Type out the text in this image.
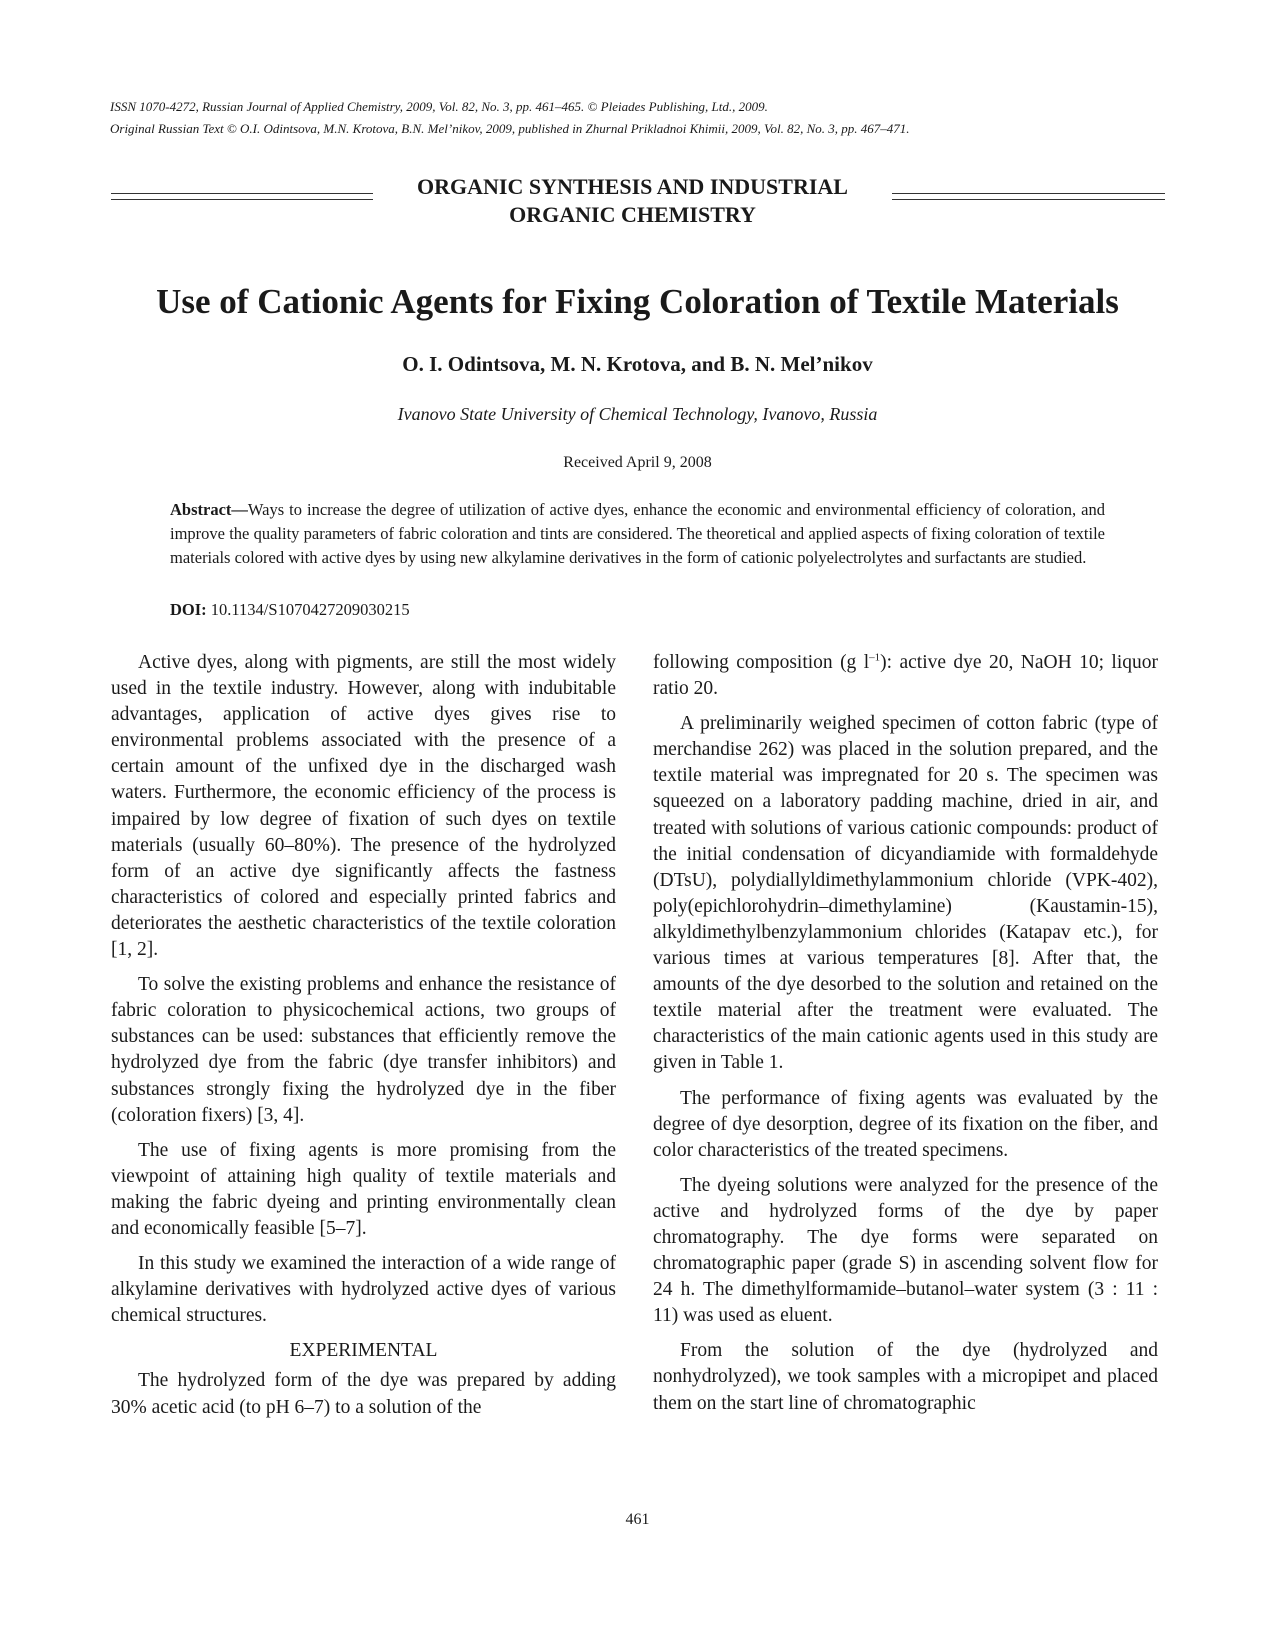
ISSN 1070-4272, Russian Journal of Applied Chemistry, 2009, Vol. 82, No. 3, pp. 461–465. © Pleiades Publishing, Ltd., 2009.
Original Russian Text © O.I. Odintsova, M.N. Krotova, B.N. Mel’nikov, 2009, published in Zhurnal Prikladnoi Khimii, 2009, Vol. 82, No. 3, pp. 467–471.
ORGANIC SYNTHESIS AND INDUSTRIAL
ORGANIC CHEMISTRY
Use of Cationic Agents for Fixing Coloration of Textile Materials
O. I. Odintsova, M. N. Krotova, and B. N. Mel’nikov
Ivanovo State University of Chemical Technology, Ivanovo, Russia
Received April 9, 2008

Abstract—Ways to increase the degree of utilization of active dyes, enhance the economic and environmental efficiency of coloration, and improve the quality parameters of fabric coloration and tints are considered. The theoretical and applied aspects of fixing coloration of textile materials colored with active dyes by using new alkylamine derivatives in the form of cationic polyelectrolytes and surfactants are studied.

DOI: 10.1134/S1070427209030215

Active dyes, along with pigments, are still the most widely used in the textile industry. However, along with indubitable advantages, application of active dyes gives rise to environmental problems associated with the presence of a certain amount of the unfixed dye in the discharged wash waters. Furthermore, the economic efficiency of the process is impaired by low degree of fixation of such dyes on textile materials (usually 60–80%). The presence of the hydrolyzed form of an active dye significantly affects the fastness characteristics of colored and especially printed fabrics and deteriorates the aesthetic characteristics of the textile coloration [1, 2].

To solve the existing problems and enhance the resistance of fabric coloration to physicochemical actions, two groups of substances can be used: substances that efficiently remove the hydrolyzed dye from the fabric (dye transfer inhibitors) and substances strongly fixing the hydrolyzed dye in the fiber (coloration fixers) [3, 4].

The use of fixing agents is more promising from the viewpoint of attaining high quality of textile materials and making the fabric dyeing and printing environmentally clean and economically feasible [5–7].

In this study we examined the interaction of a wide range of alkylamine derivatives with hydrolyzed active dyes of various chemical structures.

EXPERIMENTAL

The hydrolyzed form of the dye was prepared by adding 30% acetic acid (to pH 6–7) to a solution of the

following composition (g $l^{-1}$): active dye 20, NaOH 10; liquor ratio 20.

A preliminarily weighed specimen of cotton fabric (type of merchandise 262) was placed in the solution prepared, and the textile material was impregnated for 20 s. The specimen was squeezed on a laboratory padding machine, dried in air, and treated with solutions of various cationic compounds: product of the initial condensation of dicyandiamide with formaldehyde (DTsU), polydiallyldimethylammonium chloride (VPK-402), poly(epichlorohydrin–dimethylamine) (Kaustamin-15), alkyldimethylbenzylammonium chlorides (Katapav etc.), for various times at various temperatures [8]. After that, the amounts of the dye desorbed to the solution and retained on the textile material after the treatment were evaluated. The characteristics of the main cationic agents used in this study are given in Table 1.

The performance of fixing agents was evaluated by the degree of dye desorption, degree of its fixation on the fiber, and color characteristics of the treated specimens.

The dyeing solutions were analyzed for the presence of the active and hydrolyzed forms of the dye by paper chromatography. The dye forms were separated on chromatographic paper (grade S) in ascending solvent flow for 24 h. The dimethylformamide–butanol–water system (3 : 11 : 11) was used as eluent.

From the solution of the dye (hydrolyzed and nonhydrolyzed), we took samples with a micropipet and placed them on the start line of chromatographic

461
